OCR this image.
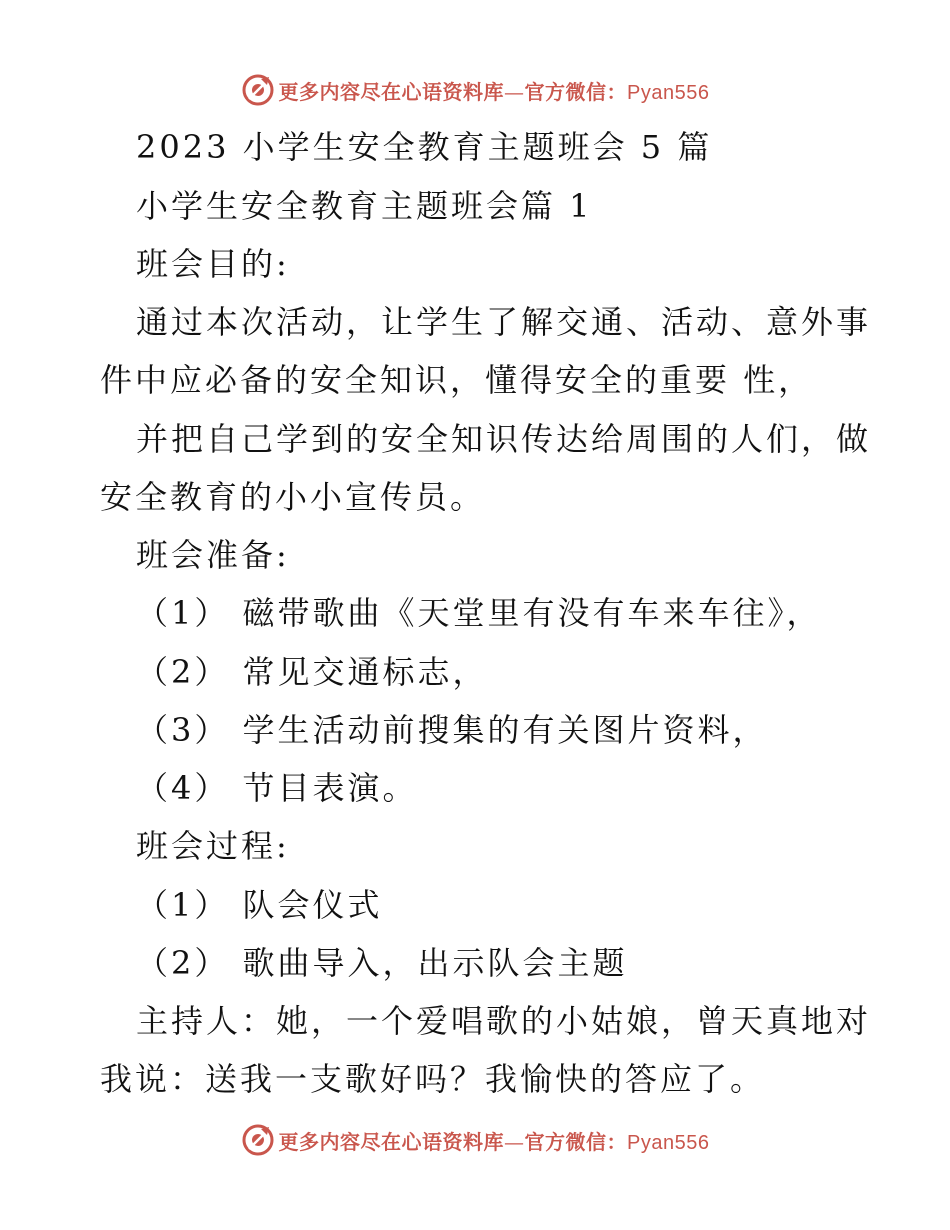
更多内容尽在心语资料库—官方微信：Pyan556
2023 小学生安全教育主题班会 5 篇
小学生安全教育主题班会篇 1
班会目的:
通过本次活动，让学生了解交通、活动、意外事
件中应必备的安全知识，懂得安全的重要 性，
并把自己学到的安全知识传达给周围的人们，做
安全教育的小小宣传员。
班会准备:
（1） 磁带歌曲《天堂里有没有车来车往》，
（2） 常见交通标志，
（3） 学生活动前搜集的有关图片资料，
（4） 节目表演。
班会过程:
（1） 队会仪式
（2） 歌曲导入，出示队会主题
主持人：她，一个爱唱歌的小姑娘，曾天真地对
我说：送我一支歌好吗？我愉快的答应了。
更多内容尽在心语资料库—官方微信：Pyan556
